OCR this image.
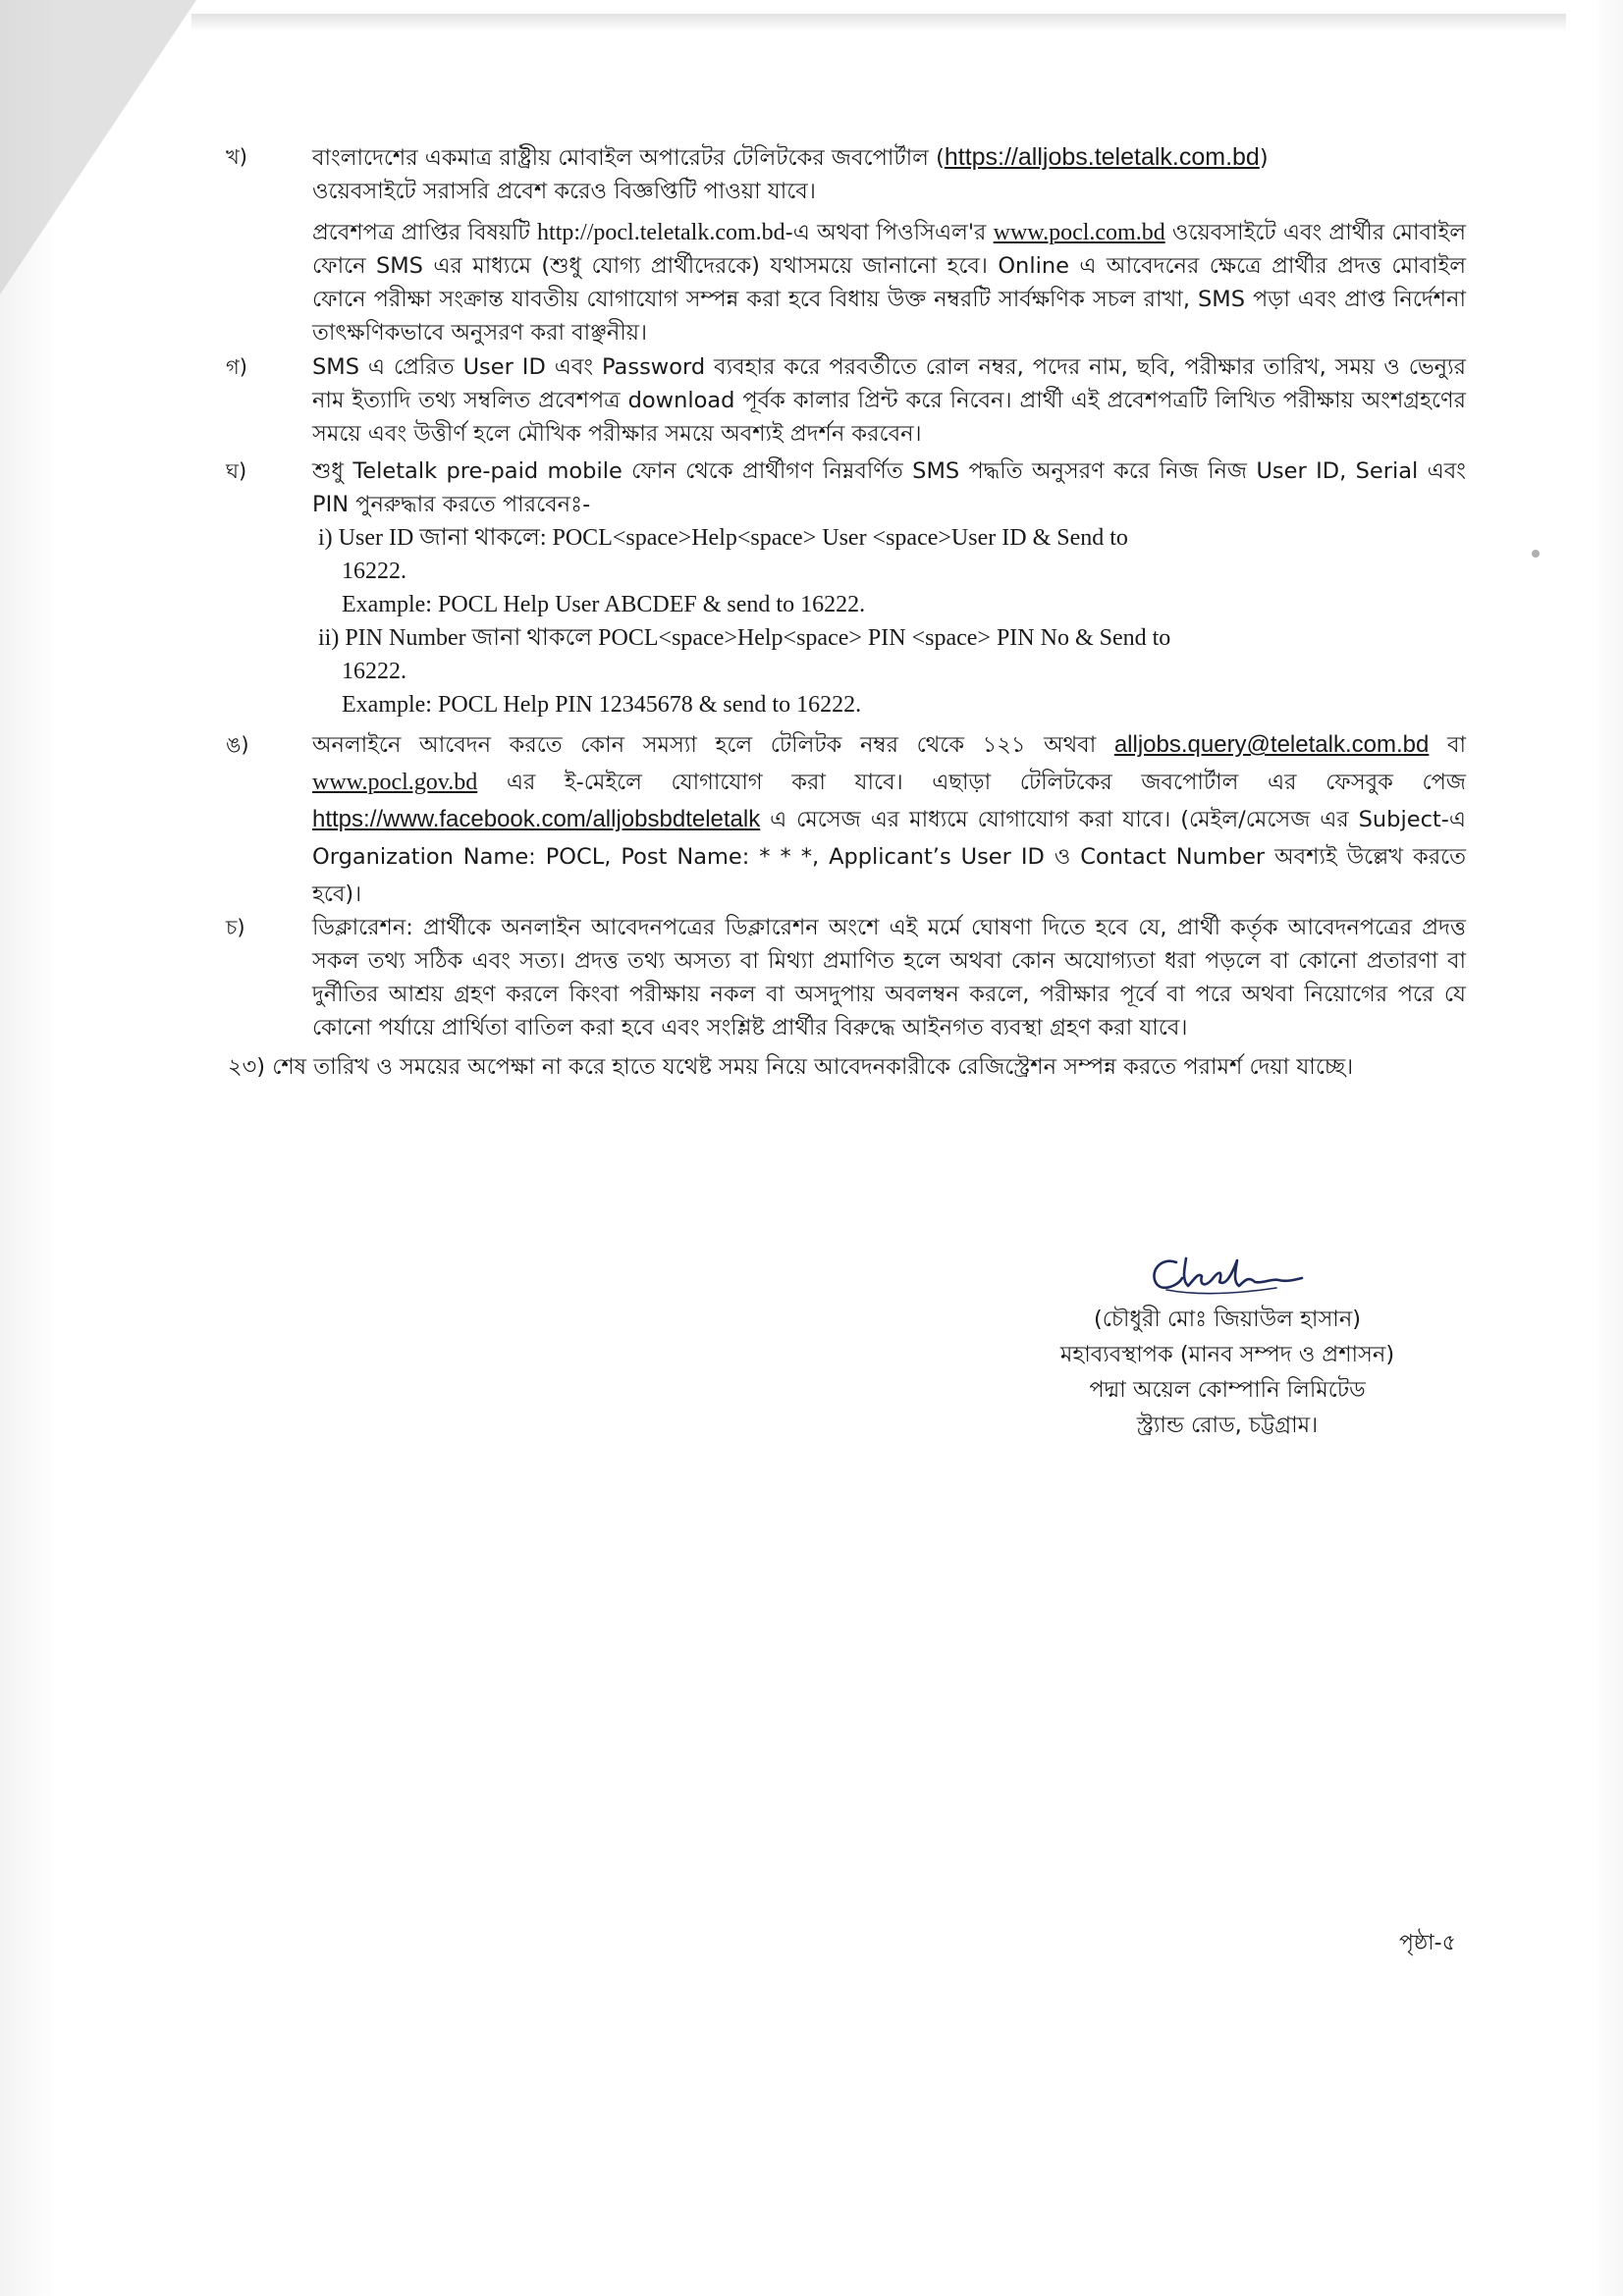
খ)	বাংলাদেশের একমাত্র রাষ্ট্রীয় মোবাইল অপারেটর টেলিটকের জবপোর্টাল (https://alljobs.teletalk.com.bd)
ওয়েবসাইটে সরাসরি প্রবেশ করেও বিজ্ঞপ্তিটি পাওয়া যাবে।

প্রবেশপত্র প্রাপ্তির বিষয়টি http://pocl.teletalk.com.bd-এ অথবা পিওসিএল'র www.pocl.com.bd ওয়েবসাইটে এবং প্রার্থীর মোবাইল ফোনে SMS এর মাধ্যমে (শুধু যোগ্য প্রার্থীদেরকে) যথাসময়ে জানানো হবে। Online এ আবেদনের ক্ষেত্রে প্রার্থীর প্রদত্ত মোবাইল ফোনে পরীক্ষা সংক্রান্ত যাবতীয় যোগাযোগ সম্পন্ন করা হবে বিধায় উক্ত নম্বরটি সার্বক্ষণিক সচল রাখা, SMS পড়া এবং প্রাপ্ত নির্দেশনা তাৎক্ষণিকভাবে অনুসরণ করা বাঞ্ছনীয়।

গ)	SMS এ প্রেরিত User ID এবং Password ব্যবহার করে পরবর্তীতে রোল নম্বর, পদের নাম, ছবি, পরীক্ষার তারিখ, সময় ও ভেন্যুর নাম ইত্যাদি তথ্য সম্বলিত প্রবেশপত্র download পূর্বক কালার প্রিন্ট করে নিবেন। প্রার্থী এই প্রবেশপত্রটি লিখিত পরীক্ষায় অংশগ্রহণের সময়ে এবং উত্তীর্ণ হলে মৌখিক পরীক্ষার সময়ে অবশ্যই প্রদর্শন করবেন।

ঘ)	শুধু Teletalk pre-paid mobile ফোন থেকে প্রার্থীগণ নিম্নবর্ণিত SMS পদ্ধতি অনুসরণ করে নিজ নিজ User ID, Serial এবং PIN পুনরুদ্ধার করতে পারবেনঃ-

i) User ID জানা থাকলে: POCL<space>Help<space> User <space>User ID & Send to

16222.

Example: POCL Help User ABCDEF & send to 16222.

ii) PIN Number জানা থাকলে POCL<space>Help<space> PIN <space> PIN No & Send to

16222.

Example: POCL Help PIN 12345678 & send to 16222.

ঙ)	অনলাইনে আবেদন করতে কোন সমস্যা হলে টেলিটক নম্বর থেকে ১২১ অথবা alljobs.query@teletalk.com.bd বা www.pocl.gov.bd এর ই-মেইলে যোগাযোগ করা যাবে। এছাড়া টেলিটকের জবপোর্টাল এর ফেসবুক পেজ https://www.facebook.com/alljobsbdteletalk এ মেসেজ এর মাধ্যমে যোগাযোগ করা যাবে। (মেইল/মেসেজ এর Subject-এ Organization Name: POCL, Post Name: * * *, Applicant’s User ID ও Contact Number অবশ্যই উল্লেখ করতে হবে)।

চ)	ডিক্লারেশন: প্রার্থীকে অনলাইন আবেদনপত্রের ডিক্লারেশন অংশে এই মর্মে ঘোষণা দিতে হবে যে, প্রার্থী কর্তৃক আবেদনপত্রের প্রদত্ত সকল তথ্য সঠিক এবং সত্য। প্রদত্ত তথ্য অসত্য বা মিথ্যা প্রমাণিত হলে অথবা কোন অযোগ্যতা ধরা পড়লে বা কোনো প্রতারণা বা দুর্নীতির আশ্রয় গ্রহণ করলে কিংবা পরীক্ষায় নকল বা অসদুপায় অবলম্বন করলে, পরীক্ষার পূর্বে বা পরে অথবা নিয়োগের পরে যে কোনো পর্যায়ে প্রার্থিতা বাতিল করা হবে এবং সংশ্লিষ্ট প্রার্থীর বিরুদ্ধে আইনগত ব্যবস্থা গ্রহণ করা যাবে।

২৩) শেষ তারিখ ও সময়ের অপেক্ষা না করে হাতে যথেষ্ট সময় নিয়ে আবেদনকারীকে রেজিস্ট্রেশন সম্পন্ন করতে পরামর্শ দেয়া যাচ্ছে।

(চৌধুরী মোঃ জিয়াউল হাসান)

মহাব্যবস্থাপক (মানব সম্পদ ও প্রশাসন)

পদ্মা অয়েল কোম্পানি লিমিটেড

স্ট্র্যান্ড রোড, চট্টগ্রাম।

পৃষ্ঠা-৫
